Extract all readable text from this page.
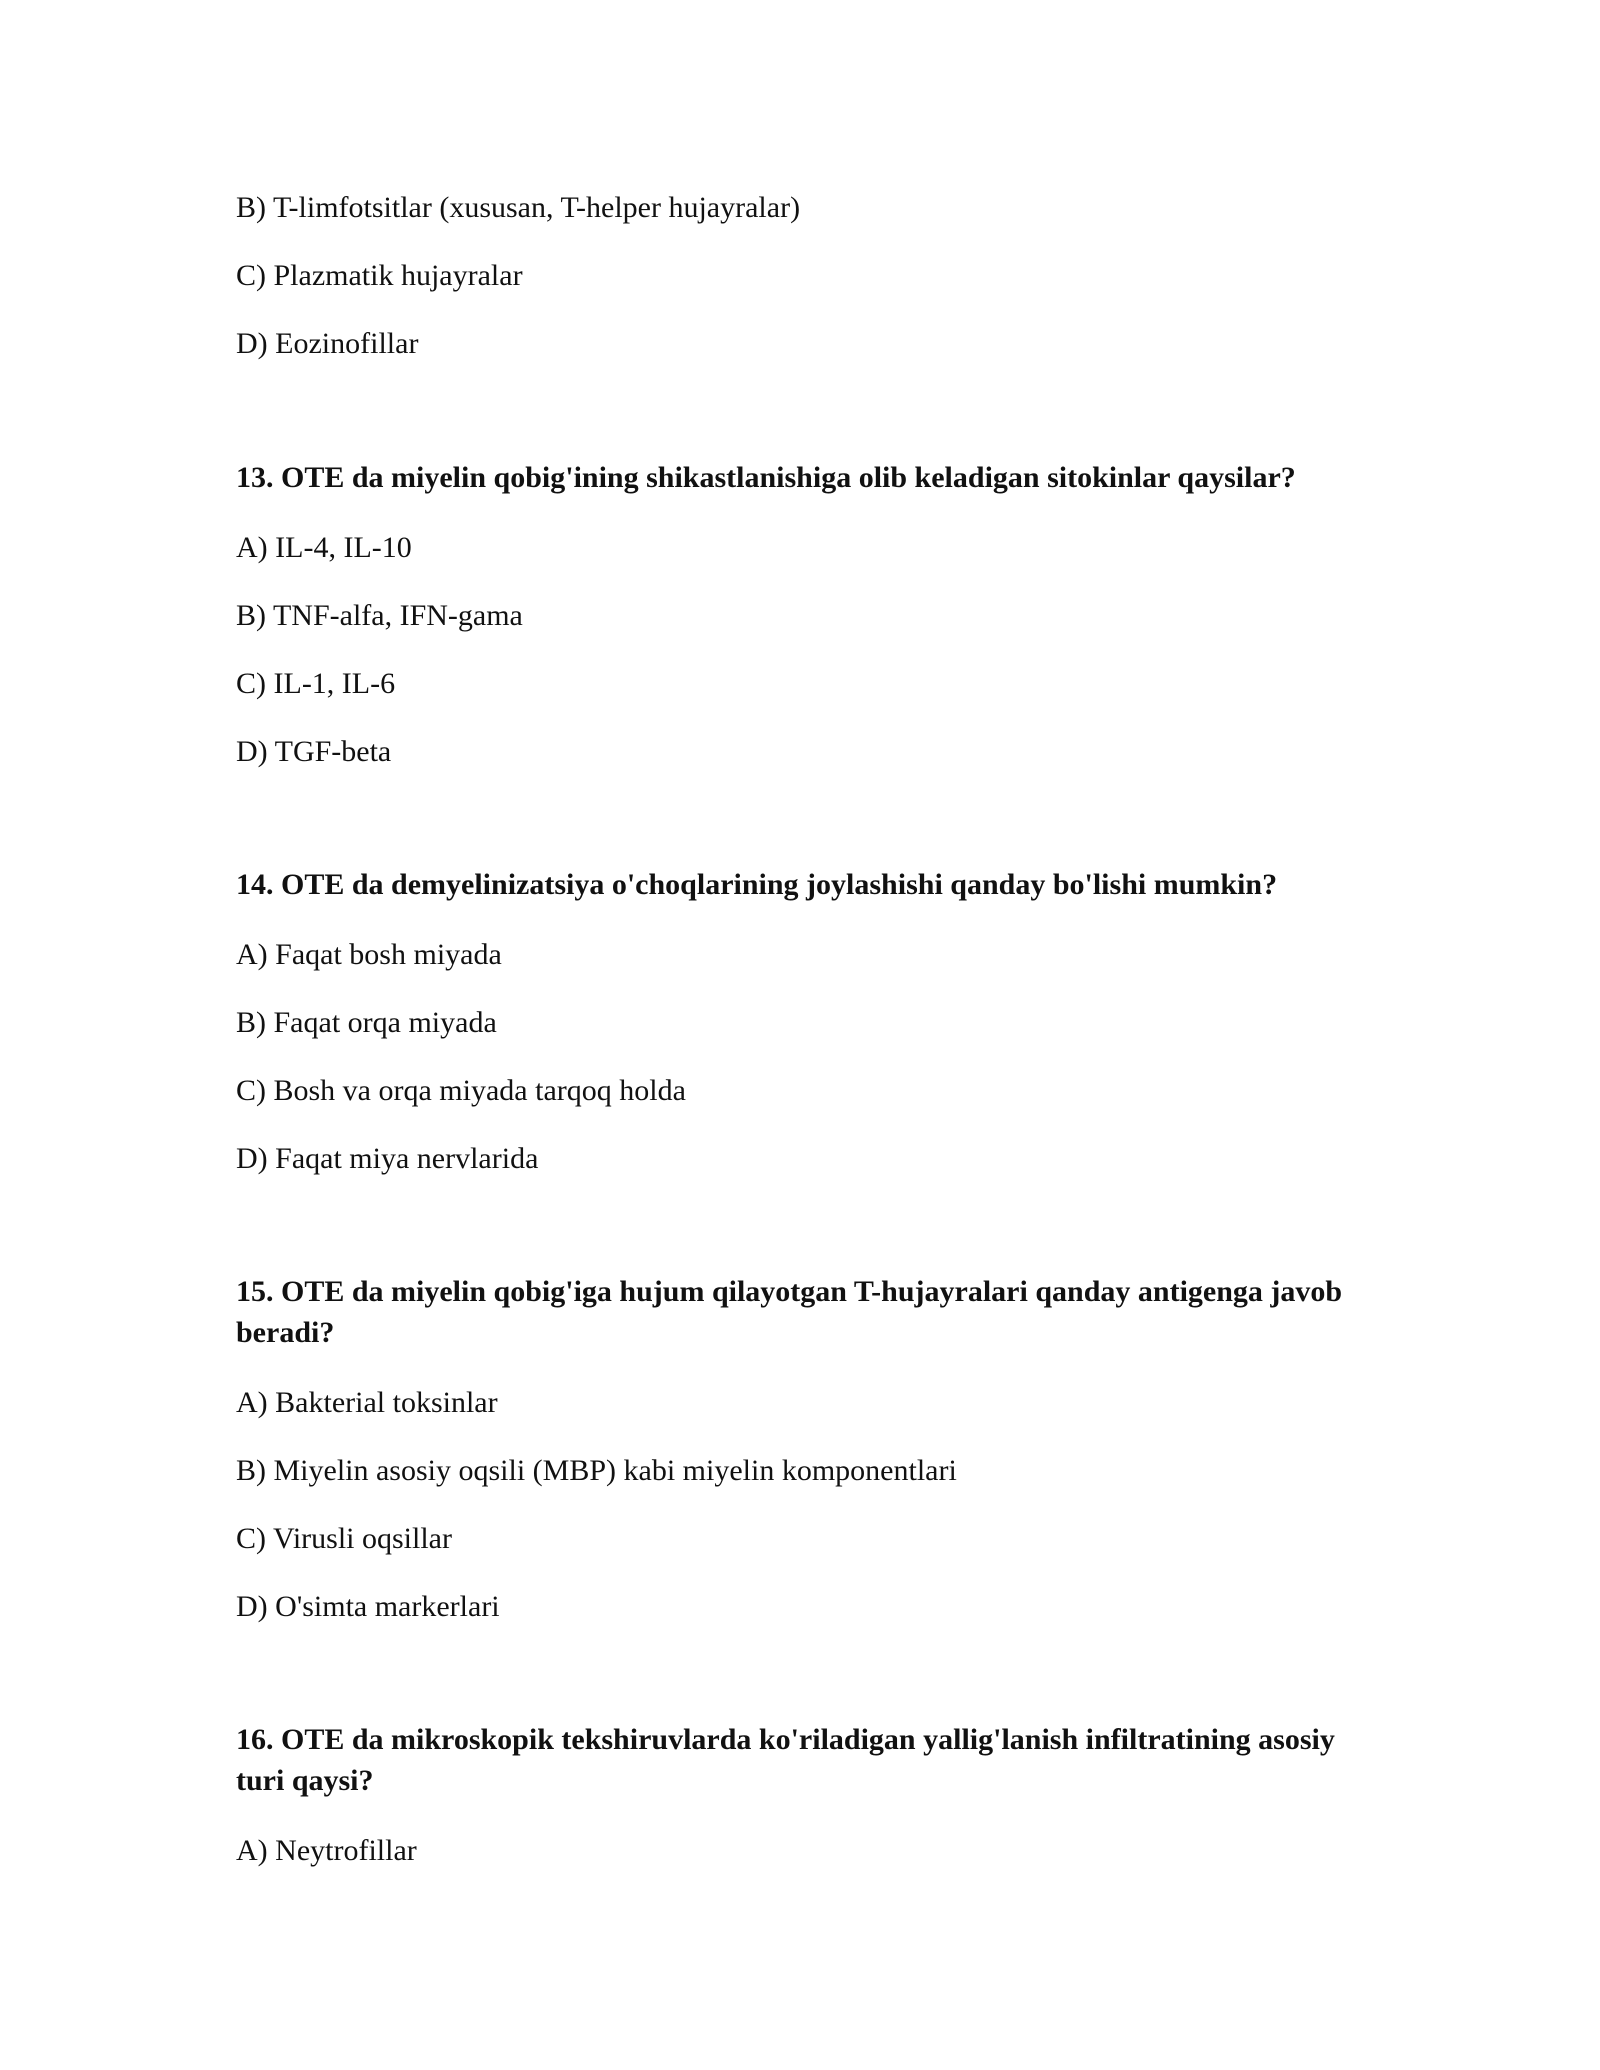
B) T-limfotsitlar (xususan, T-helper hujayralar)
C) Plazmatik hujayralar
D) Eozinofillar
13. OTE da miyelin qobig'ining shikastlanishiga olib keladigan sitokinlar qaysilar?
A) IL-4, IL-10
B) TNF-alfa, IFN-gama
C) IL-1, IL-6
D) TGF-beta
14. OTE da demyelinizatsiya o'choqlarining joylashishi qanday bo'lishi mumkin?
A) Faqat bosh miyada
B) Faqat orqa miyada
C) Bosh va orqa miyada tarqoq holda
D) Faqat miya nervlarida
15. OTE da miyelin qobig'iga hujum qilayotgan T-hujayralari qanday antigenga javob beradi?
A) Bakterial toksinlar
B) Miyelin asosiy oqsili (MBP) kabi miyelin komponentlari
C) Virusli oqsillar
D) O'simta markerlari
16. OTE da mikroskopik tekshiruvlarda ko'riladigan yallig'lanish infiltratining asosiy turi qaysi?
A) Neytrofillar
